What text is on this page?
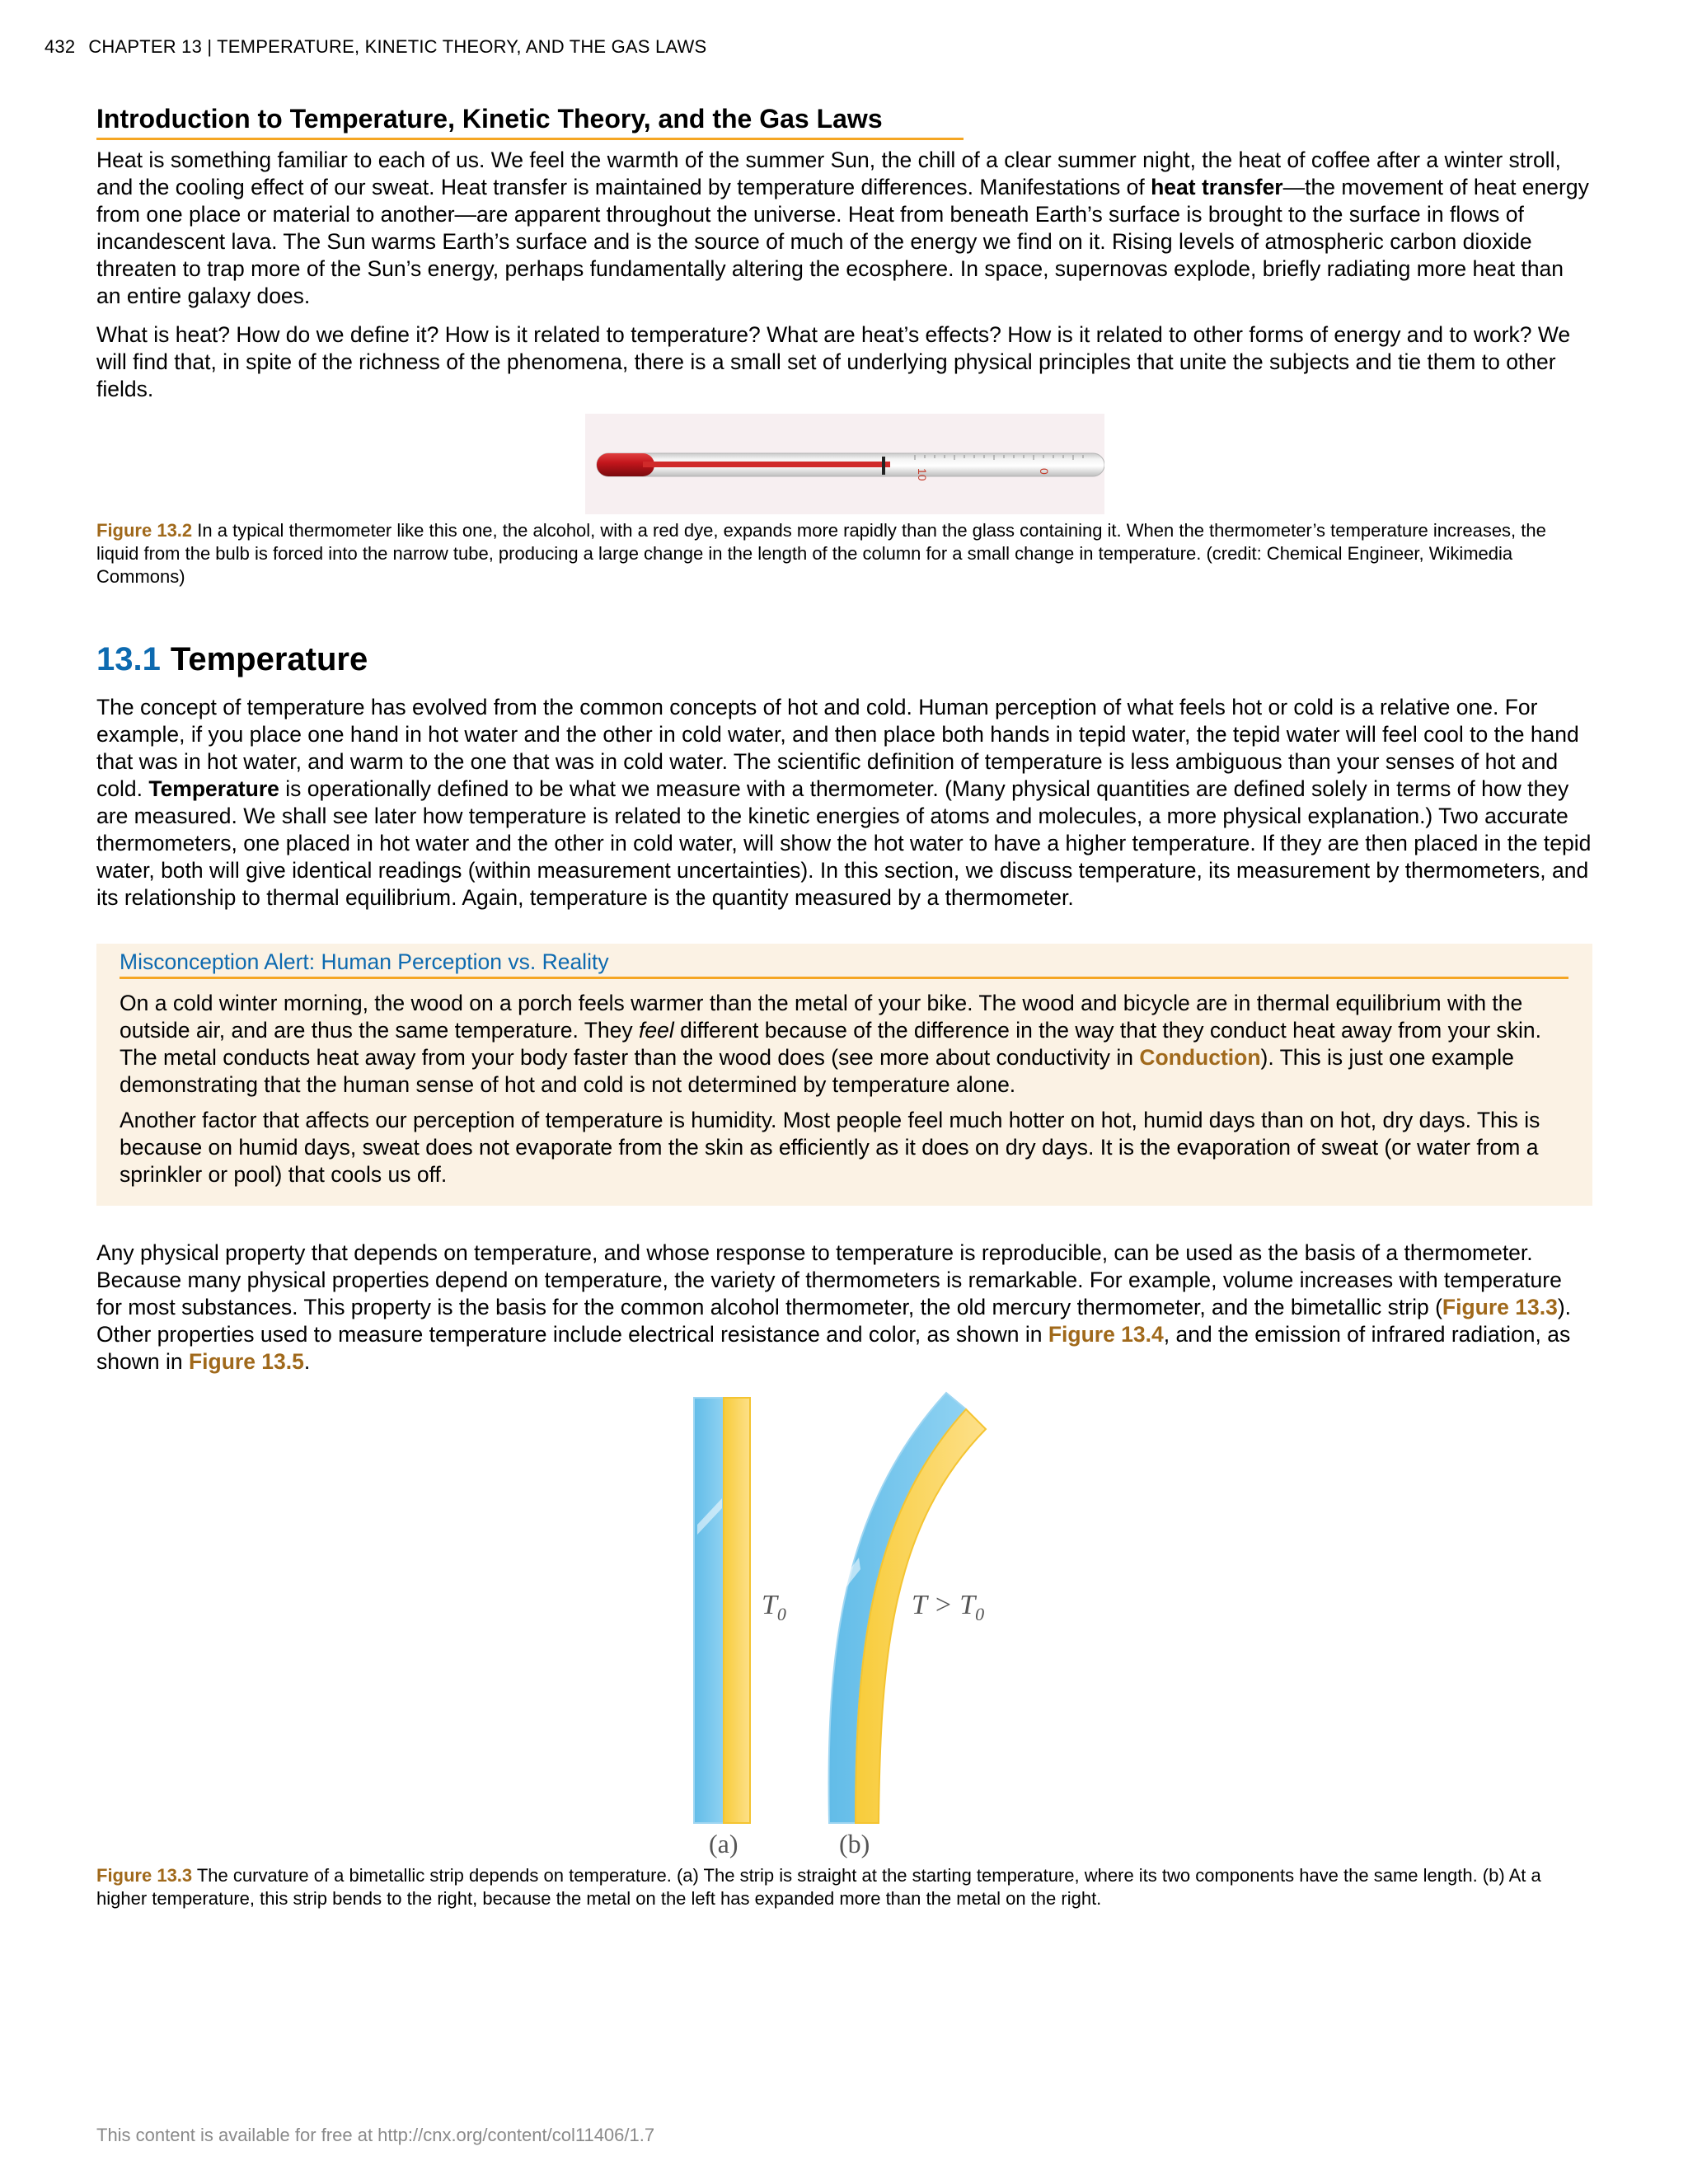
432 CHAPTER 13 | TEMPERATURE, KINETIC THEORY, AND THE GAS LAWS
Introduction to Temperature, Kinetic Theory, and the Gas Laws

Heat is something familiar to each of us. We feel the warmth of the summer Sun, the chill of a clear summer night, the heat of coffee after a winter stroll, and the cooling effect of our sweat. Heat transfer is maintained by temperature differences. Manifestations of heat transfer—the movement of heat energy from one place or material to another—are apparent throughout the universe. Heat from beneath Earth’s surface is brought to the surface in flows of incandescent lava. The Sun warms Earth’s surface and is the source of much of the energy we find on it. Rising levels of atmospheric carbon dioxide threaten to trap more of the Sun’s energy, perhaps fundamentally altering the ecosphere. In space, supernovas explode, briefly radiating more heat than an entire galaxy does.

What is heat? How do we define it? How is it related to temperature? What are heat’s effects? How is it related to other forms of energy and to work? We will find that, in spite of the richness of the phenomena, there is a small set of underlying physical principles that unite the subjects and tie them to other fields.

10	0
Figure 13.2 In a typical thermometer like this one, the alcohol, with a red dye, expands more rapidly than the glass containing it. When the thermometer’s temperature increases, the liquid from the bulb is forced into the narrow tube, producing a large change in the length of the column for a small change in temperature. (credit: Chemical Engineer, Wikimedia Commons)
13.1 Temperature

The concept of temperature has evolved from the common concepts of hot and cold. Human perception of what feels hot or cold is a relative one. For example, if you place one hand in hot water and the other in cold water, and then place both hands in tepid water, the tepid water will feel cool to the hand that was in hot water, and warm to the one that was in cold water. The scientific definition of temperature is less ambiguous than your senses of hot and cold. Temperature is operationally defined to be what we measure with a thermometer. (Many physical quantities are defined solely in terms of how they are measured. We shall see later how temperature is related to the kinetic energies of atoms and molecules, a more physical explanation.) Two accurate thermometers, one placed in hot water and the other in cold water, will show the hot water to have a higher temperature. If they are then placed in the tepid water, both will give identical readings (within measurement uncertainties). In this section, we discuss temperature, its measurement by thermometers, and its relationship to thermal equilibrium. Again, temperature is the quantity measured by a thermometer.

Misconception Alert: Human Perception vs. Reality

On a cold winter morning, the wood on a porch feels warmer than the metal of your bike. The wood and bicycle are in thermal equilibrium with the outside air, and are thus the same temperature. They feel different because of the difference in the way that they conduct heat away from your skin. The metal conducts heat away from your body faster than the wood does (see more about conductivity in Conduction). This is just one example demonstrating that the human sense of hot and cold is not determined by temperature alone.

Another factor that affects our perception of temperature is humidity. Most people feel much hotter on hot, humid days than on hot, dry days. This is because on humid days, sweat does not evaporate from the skin as efficiently as it does on dry days. It is the evaporation of sweat (or water from a sprinkler or pool) that cools us off.

Any physical property that depends on temperature, and whose response to temperature is reproducible, can be used as the basis of a thermometer. Because many physical properties depend on temperature, the variety of thermometers is remarkable. For example, volume increases with temperature for most substances. This property is the basis for the common alcohol thermometer, the old mercury thermometer, and the bimetallic strip (Figure 13.3). Other properties used to measure temperature include electrical resistance and color, as shown in Figure 13.4, and the emission of infrared radiation, as shown in Figure 13.5.

$T_0$	$T > T_0$
(a)	(b)
Figure 13.3 The curvature of a bimetallic strip depends on temperature. (a) The strip is straight at the starting temperature, where its two components have the same length. (b) At a higher temperature, this strip bends to the right, because the metal on the left has expanded more than the metal on the right.
This content is available for free at http://cnx.org/content/col11406/1.7
